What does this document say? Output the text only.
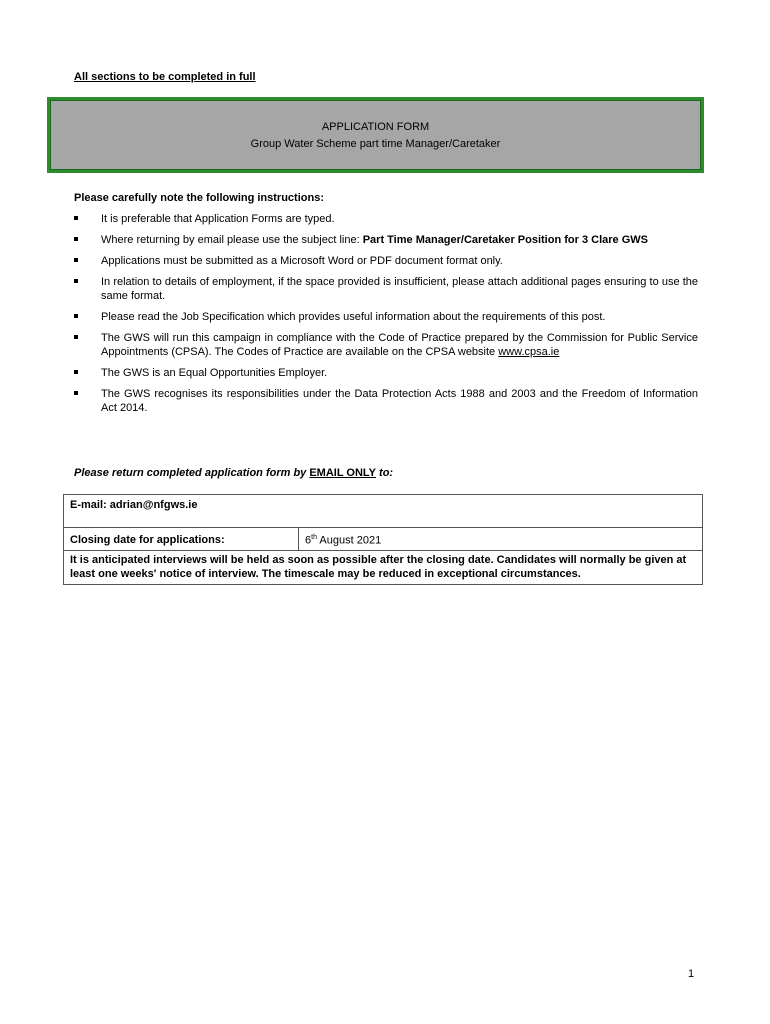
All sections to be completed in full
APPLICATION FORM
Group Water Scheme part time Manager/Caretaker
Please carefully note the following instructions:
It is preferable that Application Forms are typed.
Where returning by email please use the subject line: Part Time Manager/Caretaker Position for 3 Clare GWS
Applications must be submitted as a Microsoft Word or PDF document format only.
In relation to details of employment, if the space provided is insufficient, please attach additional pages ensuring to use the same format.
Please read the Job Specification which provides useful information about the requirements of this post.
The GWS will run this campaign in compliance with the Code of Practice prepared by the Commission for Public Service Appointments (CPSA). The Codes of Practice are available on the CPSA website www.cpsa.ie
The GWS is an Equal Opportunities Employer.
The GWS recognises its responsibilities under the Data Protection Acts 1988 and 2003 and the Freedom of Information Act 2014.
Please return completed application form by EMAIL ONLY to:
E-mail: adrian@nfgws.ie
Closing date for applications:	6th August 2021
It is anticipated interviews will be held as soon as possible after the closing date. Candidates will normally be given at least one weeks' notice of interview. The timescale may be reduced in exceptional circumstances.
1
